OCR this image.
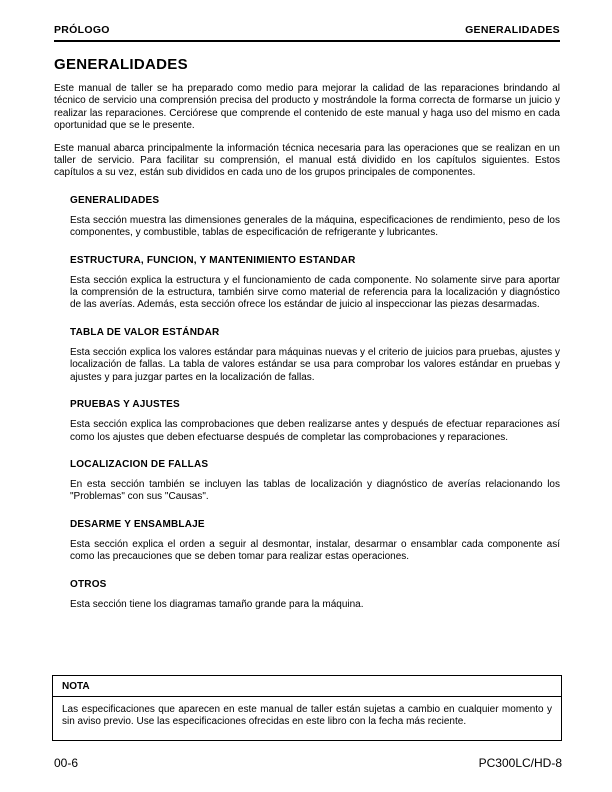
PRÓLOGO	GENERALIDADES
GENERALIDADES

Este manual de taller se ha preparado como medio para mejorar la calidad de las reparaciones brindando al técnico de servicio una comprensión precisa del producto y mostrándole la forma correcta de formarse un juicio y realizar las reparaciones. Cerciórese que comprende el contenido de este manual y haga uso del mismo en cada oportunidad que se le presente.

Este manual abarca principalmente la información técnica necesaria para las operaciones que se realizan en un taller de servicio. Para facilitar su comprensión, el manual está dividido en los capítulos siguientes. Estos capítulos a su vez, están sub divididos en cada uno de los grupos principales de componentes.

GENERALIDADES

Esta sección muestra las dimensiones generales de la máquina, especificaciones de rendimiento, peso de los componentes, y combustible, tablas de especificación de refrigerante y lubricantes.

ESTRUCTURA, FUNCION, Y MANTENIMIENTO ESTANDAR

Esta sección explica la estructura y el funcionamiento de cada componente. No solamente sirve para aportar la comprensión de la estructura, también sirve como material de referencia para la localización y diagnóstico de las averías. Además, esta sección ofrece los estándar de juicio al inspeccionar las piezas desarmadas.

TABLA DE VALOR ESTÁNDAR

Esta sección explica los valores estándar para máquinas nuevas y el criterio de juicios para pruebas, ajustes y localización de fallas. La tabla de valores estándar se usa para comprobar los valores estándar en pruebas y ajustes y para juzgar partes en la localización de fallas.

PRUEBAS Y AJUSTES

Esta sección explica las comprobaciones que deben realizarse antes y después de efectuar reparaciones así como los ajustes que deben efectuarse después de completar las comprobaciones y reparaciones.

LOCALIZACION DE FALLAS

En esta sección también se incluyen las tablas de localización y diagnóstico de averías relacionando los "Problemas" con sus "Causas".

DESARME Y ENSAMBLAJE

Esta sección explica el orden a seguir al desmontar, instalar, desarmar o ensamblar cada componente así como las precauciones que se deben tomar para realizar estas operaciones.

OTROS

Esta sección tiene los diagramas tamaño grande para la máquina.

NOTA

Las especificaciones que aparecen en este manual de taller están sujetas a cambio en cualquier momento y sin aviso previo. Use las especificaciones ofrecidas en este libro con la fecha más reciente.

00-6	PC300LC/HD-8
